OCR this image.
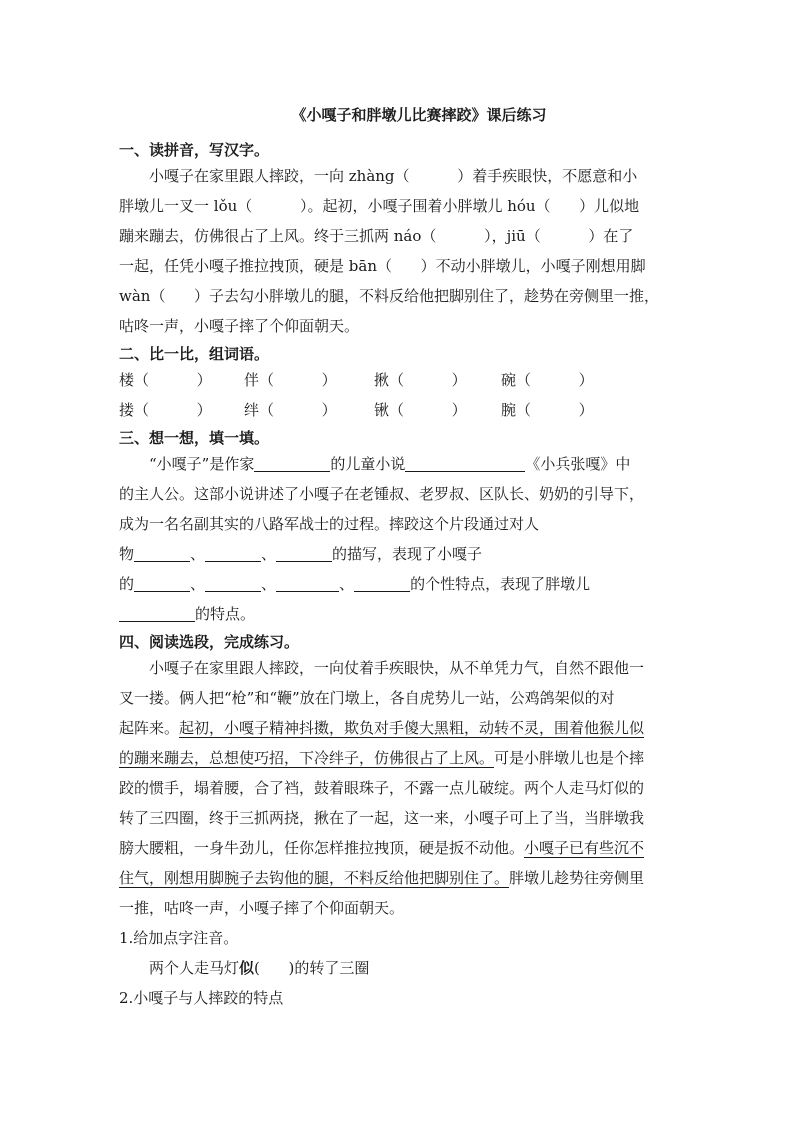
《小嘎子和胖墩儿比赛摔跤》课后练习
一、读拼音，写汉字。
小嘎子在家里跟人摔跤，一向 zhàng（          ）着手疾眼快，不愿意和小
胖墩儿一叉一 lǒu（          ）。起初，小嘎子围着小胖墩儿 hóu（      ）儿似地
蹦来蹦去，仿佛很占了上风。终于三抓两 náo（          ），jiū（          ）在了
一起，任凭小嘎子推拉拽顶，硬是 bān（      ）不动小胖墩儿，小嘎子刚想用脚
wàn（      ）子去勾小胖墩儿的腿，不料反给他把脚别住了，趁势在旁侧里一推，
咕咚一声，小嘎子摔了个仰面朝天。
二、比一比，组词语。
楼（          ）	伴（          ）	揪（          ）	碗（          ）
搂（          ）	绊（          ）	锹（          ）	腕（          ）
三、想一想，填一填。
“小嘎子”是作家	的儿童小说	《小兵张嘎》中
的主人公。这部小说讲述了小嘎子在老锺叔、老罗叔、区队长、奶奶的引导下，
成为一名名副其实的八路军战士的过程。摔跤这个片段通过对人
物	、	、	的描写，表现了小嘎子
的	、	、	、	的个性特点，表现了胖墩儿
的特点。
四、阅读选段，完成练习。
小嘎子在家里跟人摔跤，一向仗着手疾眼快，从不单凭力气，自然不跟他一
叉一搂。俩人把“枪”和“鞭”放在门墩上，各自虎势儿一站，公鸡鸽架似的对
起阵来。起初，小嘎子精神抖擞，欺负对手傻大黑粗，动转不灵，围着他猴儿似
的蹦来蹦去，总想使巧招，下冷绊子，仿佛很占了上风。可是小胖墩儿也是个摔
跤的惯手，塌着腰，合了裆，鼓着眼珠子，不露一点儿破绽。两个人走马灯似的
转了三四圈，终于三抓两挠，揪在了一起，这一来，小嘎子可上了当，当胖墩我
膀大腰粗，一身牛劲儿，任你怎样推拉拽顶，硬是扳不动他。小嘎子已有些沉不
住气，刚想用脚腕子去钩他的腿，不料反给他把脚别住了。胖墩儿趁势往旁侧里
一推，咕咚一声，小嘎子摔了个仰面朝天。
1.给加点字注音。
两个人走马灯似(      )的转了三圈
2.小嘎子与人摔跤的特点
